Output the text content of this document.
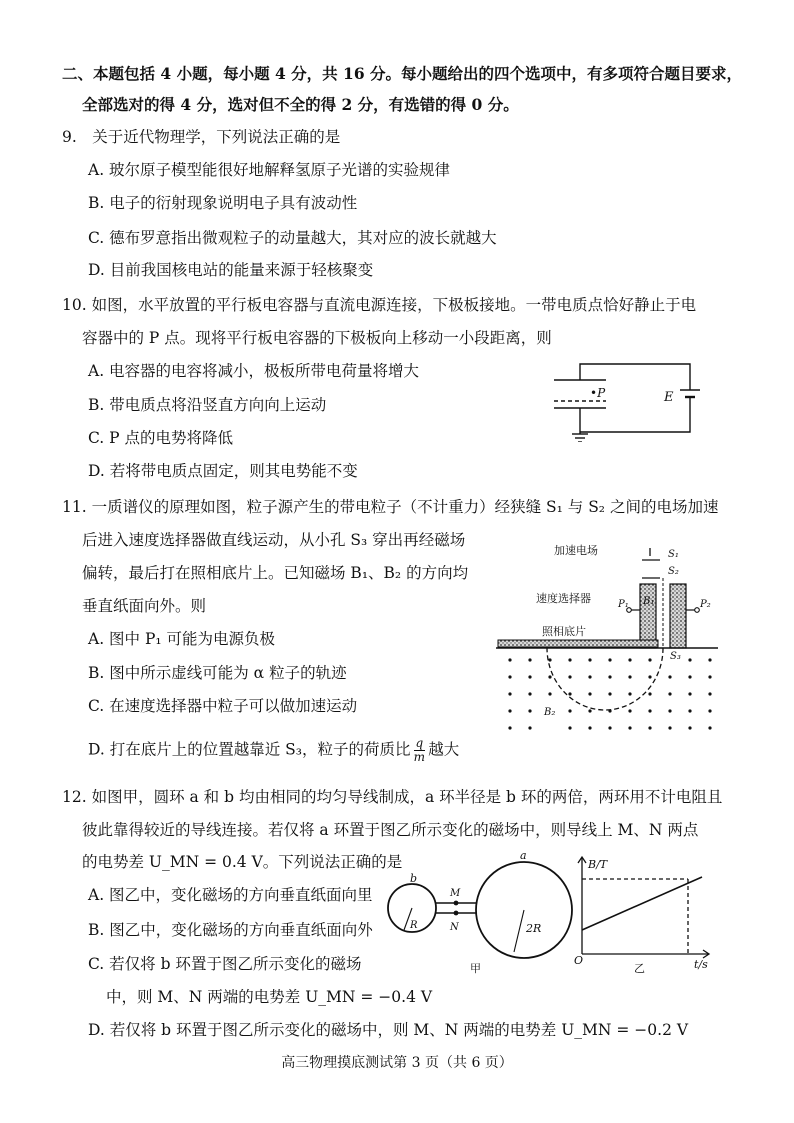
二、本题包括 4 小题，每小题 4 分，共 16 分。每小题给出的四个选项中，有多项符合题目要求，
全部选对的得 4 分，选对但不全的得 2 分，有选错的得 0 分。
9.　关于近代物理学，下列说法正确的是
A. 玻尔原子模型能很好地解释氢原子光谱的实验规律
B. 电子的衍射现象说明电子具有波动性
C. 德布罗意指出微观粒子的动量越大，其对应的波长就越大
D. 目前我国核电站的能量来源于轻核聚变
10. 如图，水平放置的平行板电容器与直流电源连接，下极板接地。一带电质点恰好静止于电
容器中的 P 点。现将平行板电容器的下极板向上移动一小段距离，则
A. 电容器的电容将减小，极板所带电荷量将增大
B. 带电质点将沿竖直方向向上运动
C. P 点的电势将降低
D. 若将带电质点固定，则其电势能不变
•P	E
11. 一质谱仪的原理如图，粒子源产生的带电粒子（不计重力）经狭缝 S₁ 与 S₂ 之间的电场加速
后进入速度选择器做直线运动，从小孔 S₃ 穿出再经磁场
偏转，最后打在照相底片上。已知磁场 B₁、B₂ 的方向均
垂直纸面向外。则
A. 图中 P₁ 可能为电源负极
B. 图中所示虚线可能为 α 粒子的轨迹
C. 在速度选择器中粒子可以做加速运动
D. 打在底片上的位置越靠近 S₃，粒子的荷质比 $\frac{q}{m}$ 越大
加速电场
速度选择器
照相底片
S₁
S₂
B₁
P₁	P₂
S₃
B₂
12. 如图甲，圆环 a 和 b 均由相同的均匀导线制成，a 环半径是 b 环的两倍，两环用不计电阻且
彼此靠得较近的导线连接。若仅将 a 环置于图乙所示变化的磁场中，则导线上 M、N 两点
的电势差 U_MN = 0.4 V。下列说法正确的是
A. 图乙中，变化磁场的方向垂直纸面向里
B. 图乙中，变化磁场的方向垂直纸面向外
C. 若仅将 b 环置于图乙所示变化的磁场
中，则 M、N 两端的电势差 U_MN = −0.4 V
D. 若仅将 b 环置于图乙所示变化的磁场中，则 M、N 两端的电势差 U_MN = −0.2 V
b
a
M
N
R	2R
甲
B/T
t/s
O
乙
高三物理摸底测试第 3 页（共 6 页）
